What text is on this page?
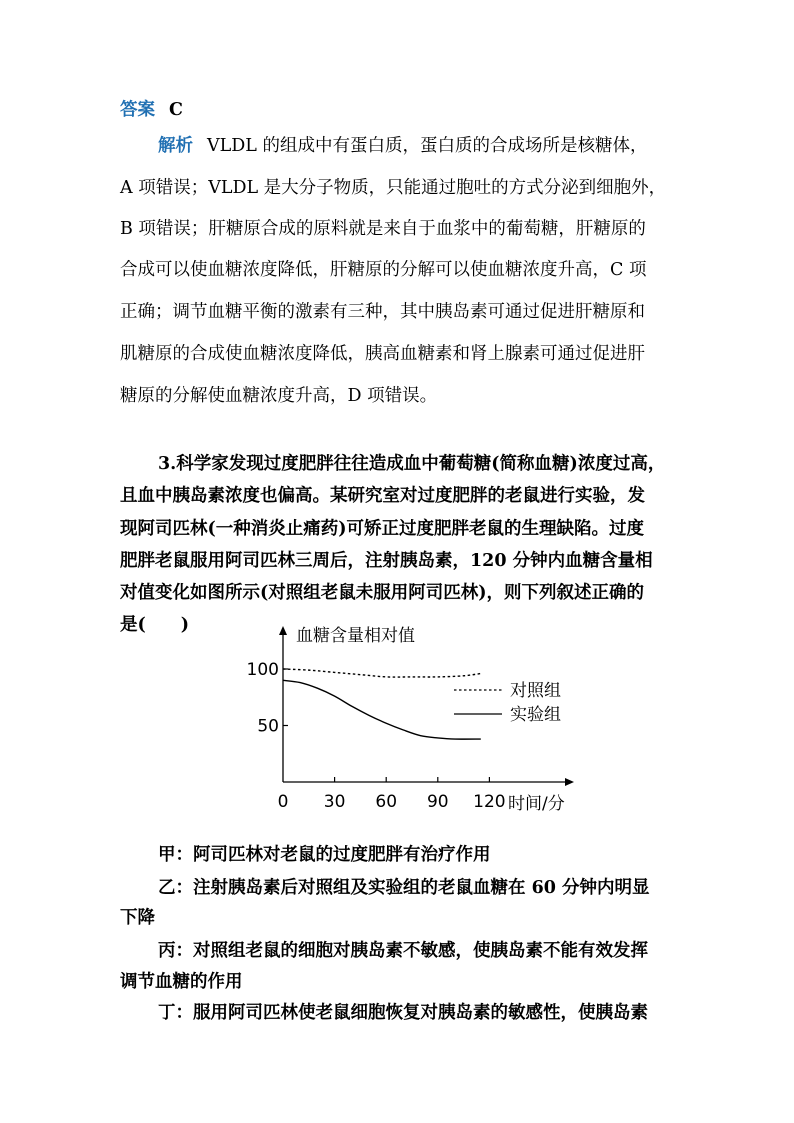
答案 C
解析 VLDL 的组成中有蛋白质，蛋白质的合成场所是核糖体，
A 项错误；VLDL 是大分子物质，只能通过胞吐的方式分泌到细胞外，
B 项错误；肝糖原合成的原料就是来自于血浆中的葡萄糖，肝糖原的
合成可以使血糖浓度降低，肝糖原的分解可以使血糖浓度升高，C 项
正确；调节血糖平衡的激素有三种，其中胰岛素可通过促进肝糖原和
肌糖原的合成使血糖浓度降低，胰高血糖素和肾上腺素可通过促进肝
糖原的分解使血糖浓度升高，D 项错误。
3.科学家发现过度肥胖往往造成血中葡萄糖(简称血糖)浓度过高，
且血中胰岛素浓度也偏高。某研究室对过度肥胖的老鼠进行实验，发
现阿司匹林(一种消炎止痛药)可矫正过度肥胖老鼠的生理缺陷。过度
肥胖老鼠服用阿司匹林三周后，注射胰岛素，120 分钟内血糖含量相
对值变化如图所示(对照组老鼠未服用阿司匹林)，则下列叙述正确的
是(　　)
血糖含量相对值
50
100
0 30 60 90 120 时间/分
对照组
实验组
甲：阿司匹林对老鼠的过度肥胖有治疗作用
乙：注射胰岛素后对照组及实验组的老鼠血糖在 60 分钟内明显
下降
丙：对照组老鼠的细胞对胰岛素不敏感，使胰岛素不能有效发挥
调节血糖的作用
丁：服用阿司匹林使老鼠细胞恢复对胰岛素的敏感性，使胰岛素
